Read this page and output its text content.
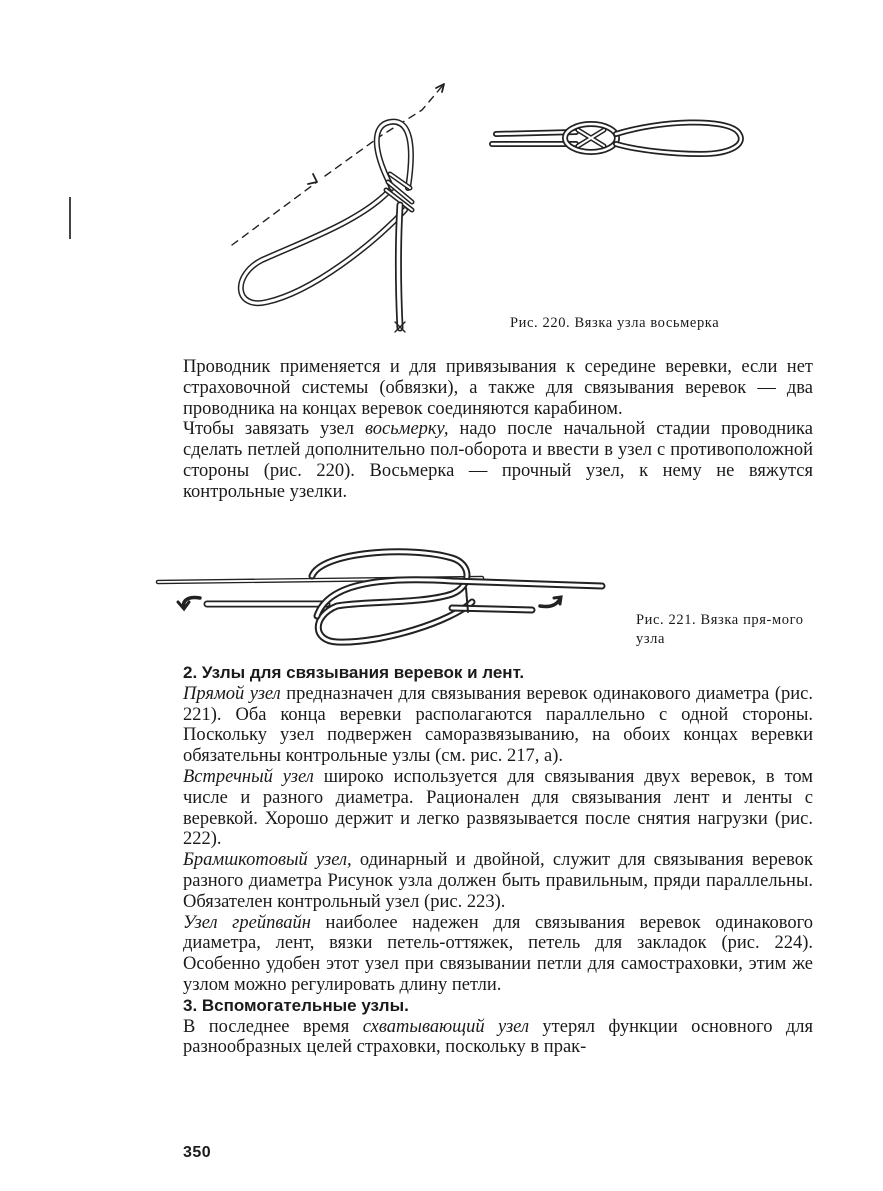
Рис. 220. Вязка узла восьмерка

Проводник применяется и для привязывания к середине веревки, если нет страховочной системы (обвязки), а также для связывания веревок — два проводника на концах веревок соединяются карабином.

Чтобы завязать узел восьмерку, надо после начальной стадии проводника сделать петлей дополнительно пол-оборота и ввести в узел с противоположной стороны (рис. 220). Восьмерка — прочный узел, к нему не вяжутся контрольные узелки.

Рис. 221. Вязка пря-мого узла

2. Узлы для связывания веревок и лент.

Прямой узел предназначен для связывания веревок одинакового диаметра (рис. 221). Оба конца веревки располагаются параллельно с одной стороны. Поскольку узел подвержен саморазвязыванию, на обоих концах веревки обязательны контрольные узлы (см. рис. 217, а).

Встречный узел широко используется для связывания двух веревок, в том числе и разного диаметра. Рационален для связывания лент и ленты с веревкой. Хорошо держит и легко развязывается после снятия нагрузки (рис. 222).

Брамшкотовый узел, одинарный и двойной, служит для связывания веревок разного диаметра Рисунок узла должен быть правильным, пряди параллельны. Обязателен контрольный узел (рис. 223).

Узел грейпвайн наиболее надежен для связывания веревок одинакового диаметра, лент, вязки петель-оттяжек, петель для закладок (рис. 224). Особенно удобен этот узел при связывании петли для самостраховки, этим же узлом можно регулировать длину петли.

3. Вспомогательные узлы.

В последнее время схватывающий узел утерял функции основного для разнообразных целей страховки, поскольку в прак-

350
